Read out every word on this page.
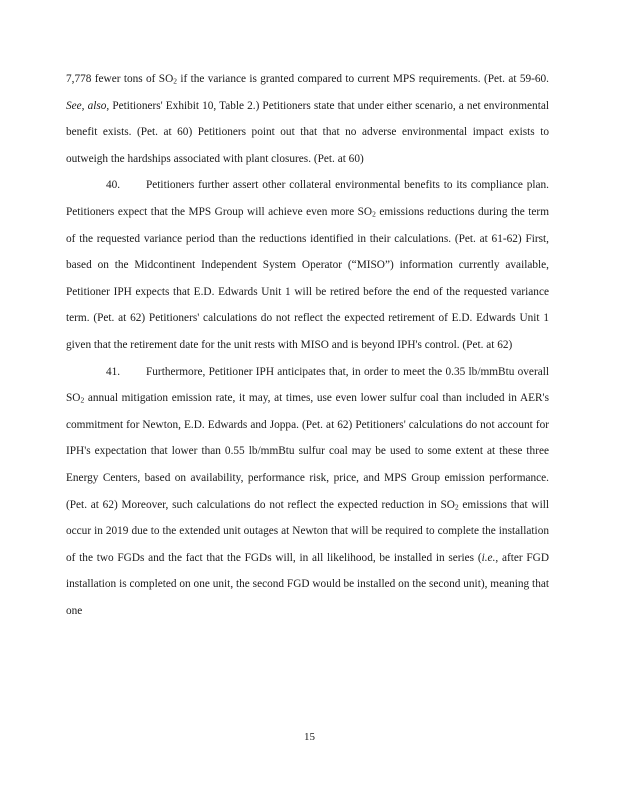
7,778 fewer tons of $SO_2$ if the variance is granted compared to current MPS requirements. (Pet. at 59-60. See, also, Petitioners' Exhibit 10, Table 2.) Petitioners state that under either scenario, a net environmental benefit exists. (Pet. at 60) Petitioners point out that that no adverse environmental impact exists to outweigh the hardships associated with plant closures. (Pet. at 60)

40. Petitioners further assert other collateral environmental benefits to its compliance plan. Petitioners expect that the MPS Group will achieve even more $SO_2$ emissions reductions during the term of the requested variance period than the reductions identified in their calculations. (Pet. at 61-62) First, based on the Midcontinent Independent System Operator (“MISO”) information currently available, Petitioner IPH expects that E.D. Edwards Unit 1 will be retired before the end of the requested variance term. (Pet. at 62) Petitioners' calculations do not reflect the expected retirement of E.D. Edwards Unit 1 given that the retirement date for the unit rests with MISO and is beyond IPH's control. (Pet. at 62)

41. Furthermore, Petitioner IPH anticipates that, in order to meet the 0.35 lb/mmBtu overall $SO_2$ annual mitigation emission rate, it may, at times, use even lower sulfur coal than included in AER's commitment for Newton, E.D. Edwards and Joppa. (Pet. at 62) Petitioners' calculations do not account for IPH's expectation that lower than 0.55 lb/mmBtu sulfur coal may be used to some extent at these three Energy Centers, based on availability, performance risk, price, and MPS Group emission performance. (Pet. at 62) Moreover, such calculations do not reflect the expected reduction in $SO_2$ emissions that will occur in 2019 due to the extended unit outages at Newton that will be required to complete the installation of the two FGDs and the fact that the FGDs will, in all likelihood, be installed in series (i.e., after FGD installation is completed on one unit, the second FGD would be installed on the second unit), meaning that one

15
